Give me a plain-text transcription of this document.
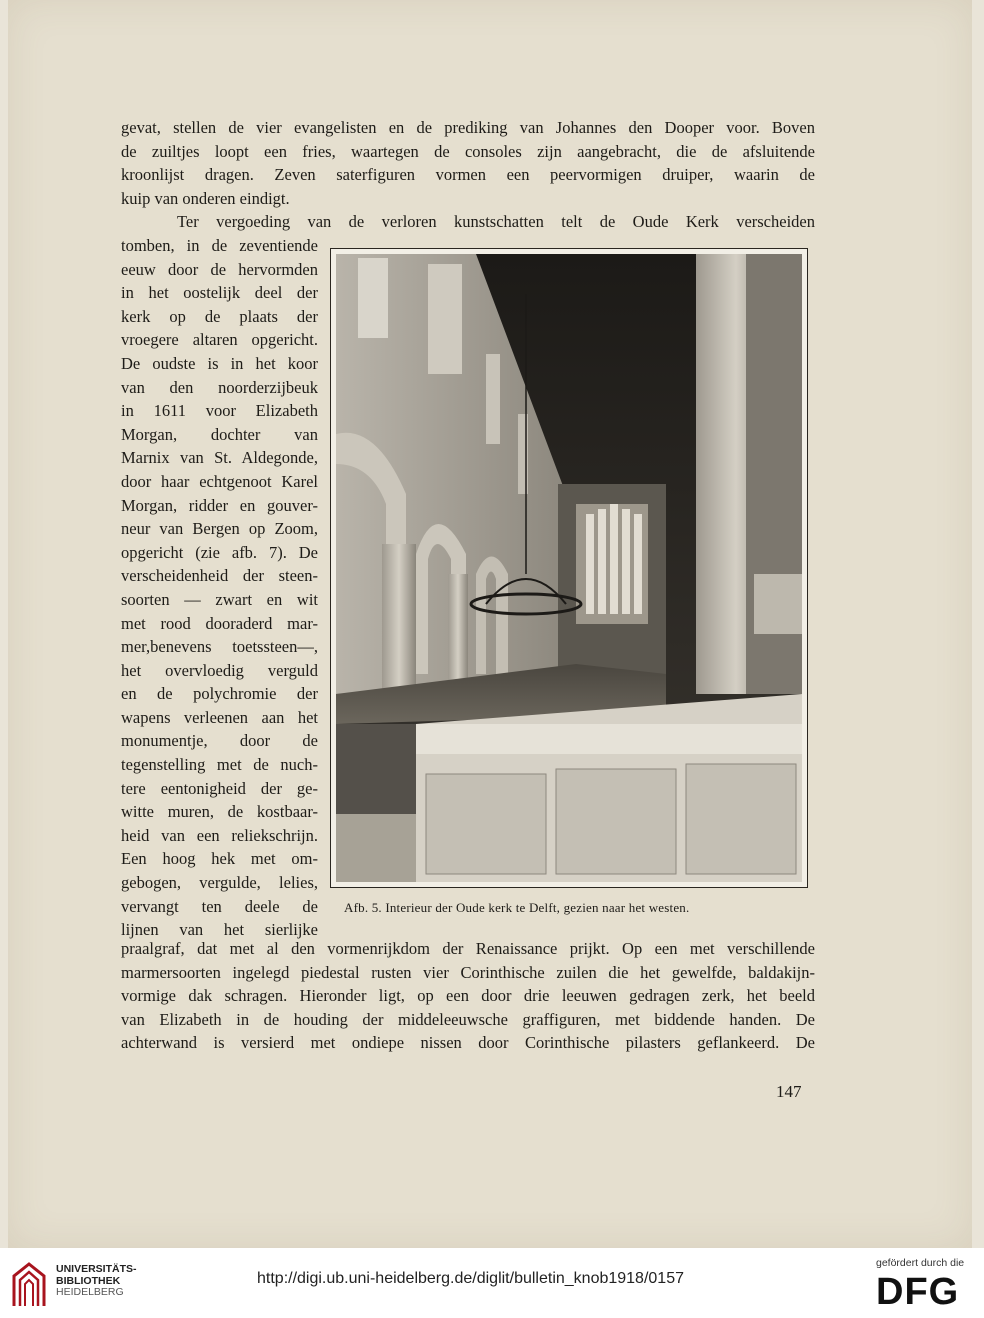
gevat, stellen de vier evangelisten en de prediking van Johannes den Dooper voor. Boven
de zuiltjes loopt een fries, waartegen de consoles zijn aangebracht, die de afsluitende
kroonlijst dragen. Zeven saterfiguren vormen een peervormigen druiper, waarin de
kuip van onderen eindigt.
Ter vergoeding van de verloren kunstschatten telt de Oude Kerk verscheiden
tomben, in de zeventiende
eeuw door de hervormden
in het oostelijk deel der
kerk op de plaats der
vroegere altaren opgericht.
De oudste is in het koor
van den noorderzijbeuk
in 1611 voor Elizabeth
Morgan, dochter van
Marnix van St. Aldegonde,
door haar echtgenoot Karel
Morgan, ridder en gouver-
neur van Bergen op Zoom,
opgericht (zie afb. 7). De
verscheidenheid der steen-
soorten — zwart en wit
met rood dooraderd mar-
mer,benevens toetssteen—,
het overvloedig verguld
en de polychromie der
wapens verleenen aan het
monumentje, door de
tegenstelling met de nuch-
tere eentonigheid der ge-
witte muren, de kostbaar-
heid van een reliekschrijn.
Een hoog hek met om-
gebogen, vergulde, lelies,
vervangt ten deele de
lijnen van het sierlijke
Afb. 5. Interieur der Oude kerk te Delft, gezien naar het westen.
praalgraf, dat met al den vormenrijkdom der Renaissance prijkt. Op een met verschillende
marmersoorten ingelegd piedestal rusten vier Corinthische zuilen die het gewelfde, baldakijn-
vormige dak schragen. Hieronder ligt, op een door drie leeuwen gedragen zerk, het beeld
van Elizabeth in de houding der middeleeuwsche graffiguren, met biddende handen. De
achterwand is versierd met ondiepe nissen door Corinthische pilasters geflankeerd. De
147
UNIVERSITÄTS-
BIBLIOTHEK
HEIDELBERG
http://digi.ub.uni-heidelberg.de/diglit/bulletin_knob1918/0157
gefördert durch die
DFG
